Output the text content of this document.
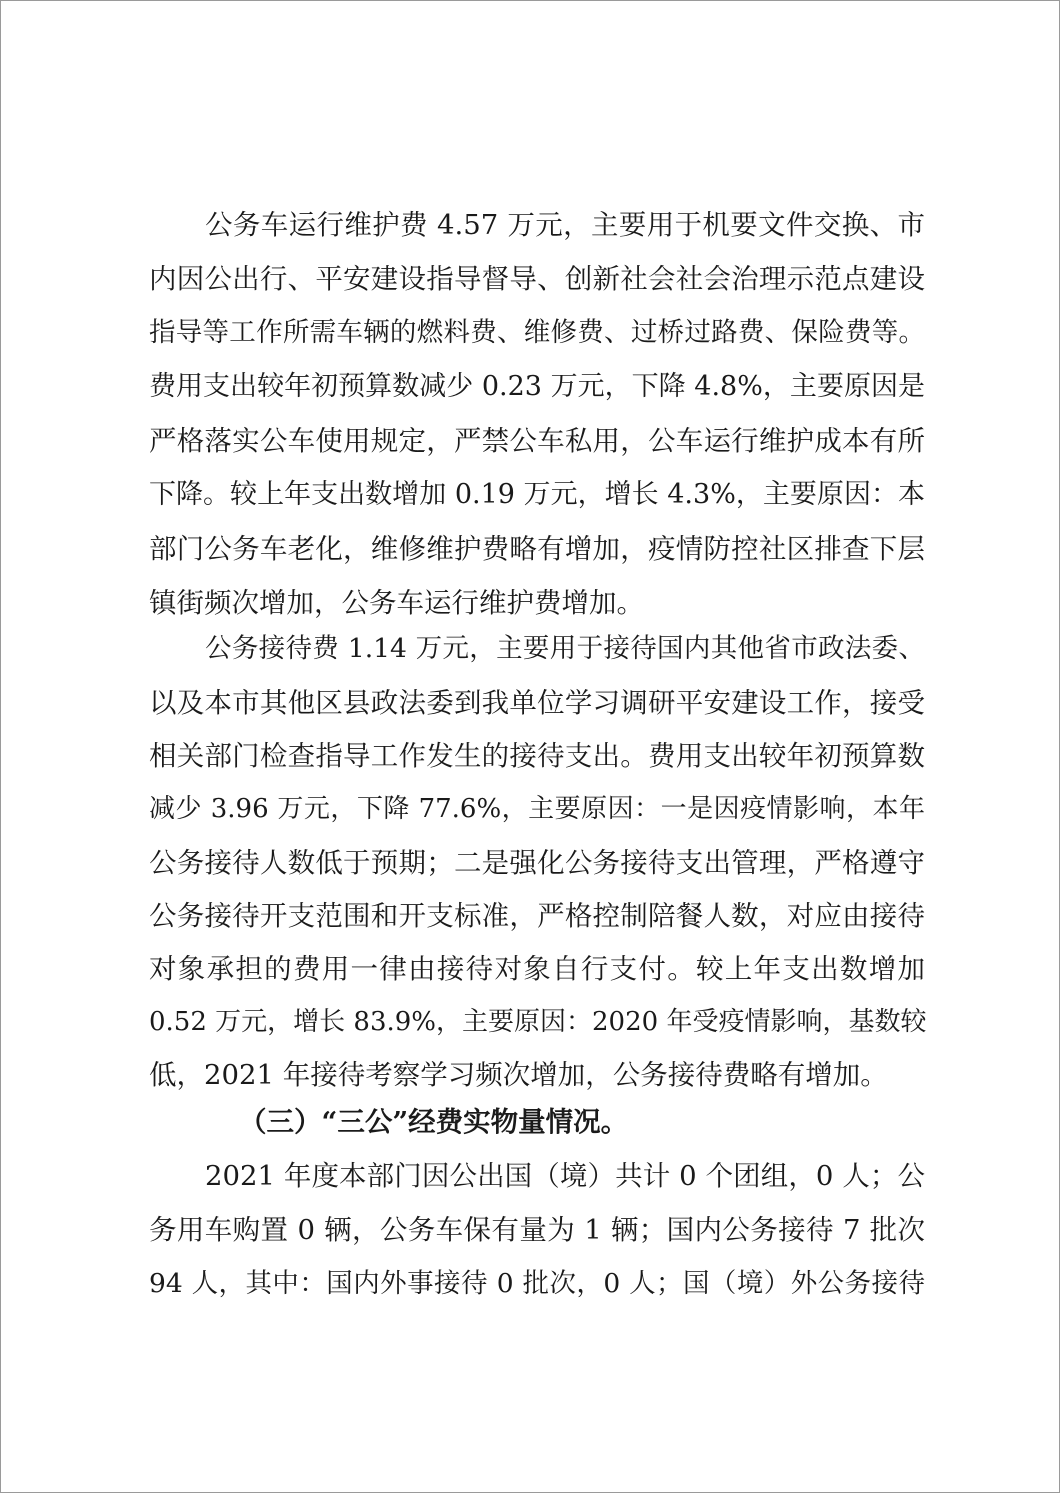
公务车运行维护费 4.57 万元，主要用于机要文件交换、市
内因公出行、平安建设指导督导、创新社会社会治理示范点建设
指导等工作所需车辆的燃料费、维修费、过桥过路费、保险费等。
费用支出较年初预算数减少 0.23 万元，下降 4.8%，主要原因是
严格落实公车使用规定，严禁公车私用，公车运行维护成本有所
下降。较上年支出数增加 0.19 万元，增长 4.3%，主要原因：本
部门公务车老化，维修维护费略有增加，疫情防控社区排查下层
镇街频次增加，公务车运行维护费增加。
公务接待费 1.14 万元，主要用于接待国内其他省市政法委、
以及本市其他区县政法委到我单位学习调研平安建设工作，接受
相关部门检查指导工作发生的接待支出。费用支出较年初预算数
减少 3.96 万元，下降 77.6%，主要原因：一是因疫情影响，本年
公务接待人数低于预期；二是强化公务接待支出管理，严格遵守
公务接待开支范围和开支标准，严格控制陪餐人数，对应由接待
对象承担的费用一律由接待对象自行支付。较上年支出数增加
0.52 万元，增长 83.9%，主要原因：2020 年受疫情影响，基数较
低，2021 年接待考察学习频次增加，公务接待费略有增加。
（三）“三公”经费实物量情况。
2021 年度本部门因公出国（境）共计 0 个团组，0 人；公
务用车购置 0 辆，公务车保有量为 1 辆；国内公务接待 7 批次
94 人，其中：国内外事接待 0 批次，0 人；国（境）外公务接待
